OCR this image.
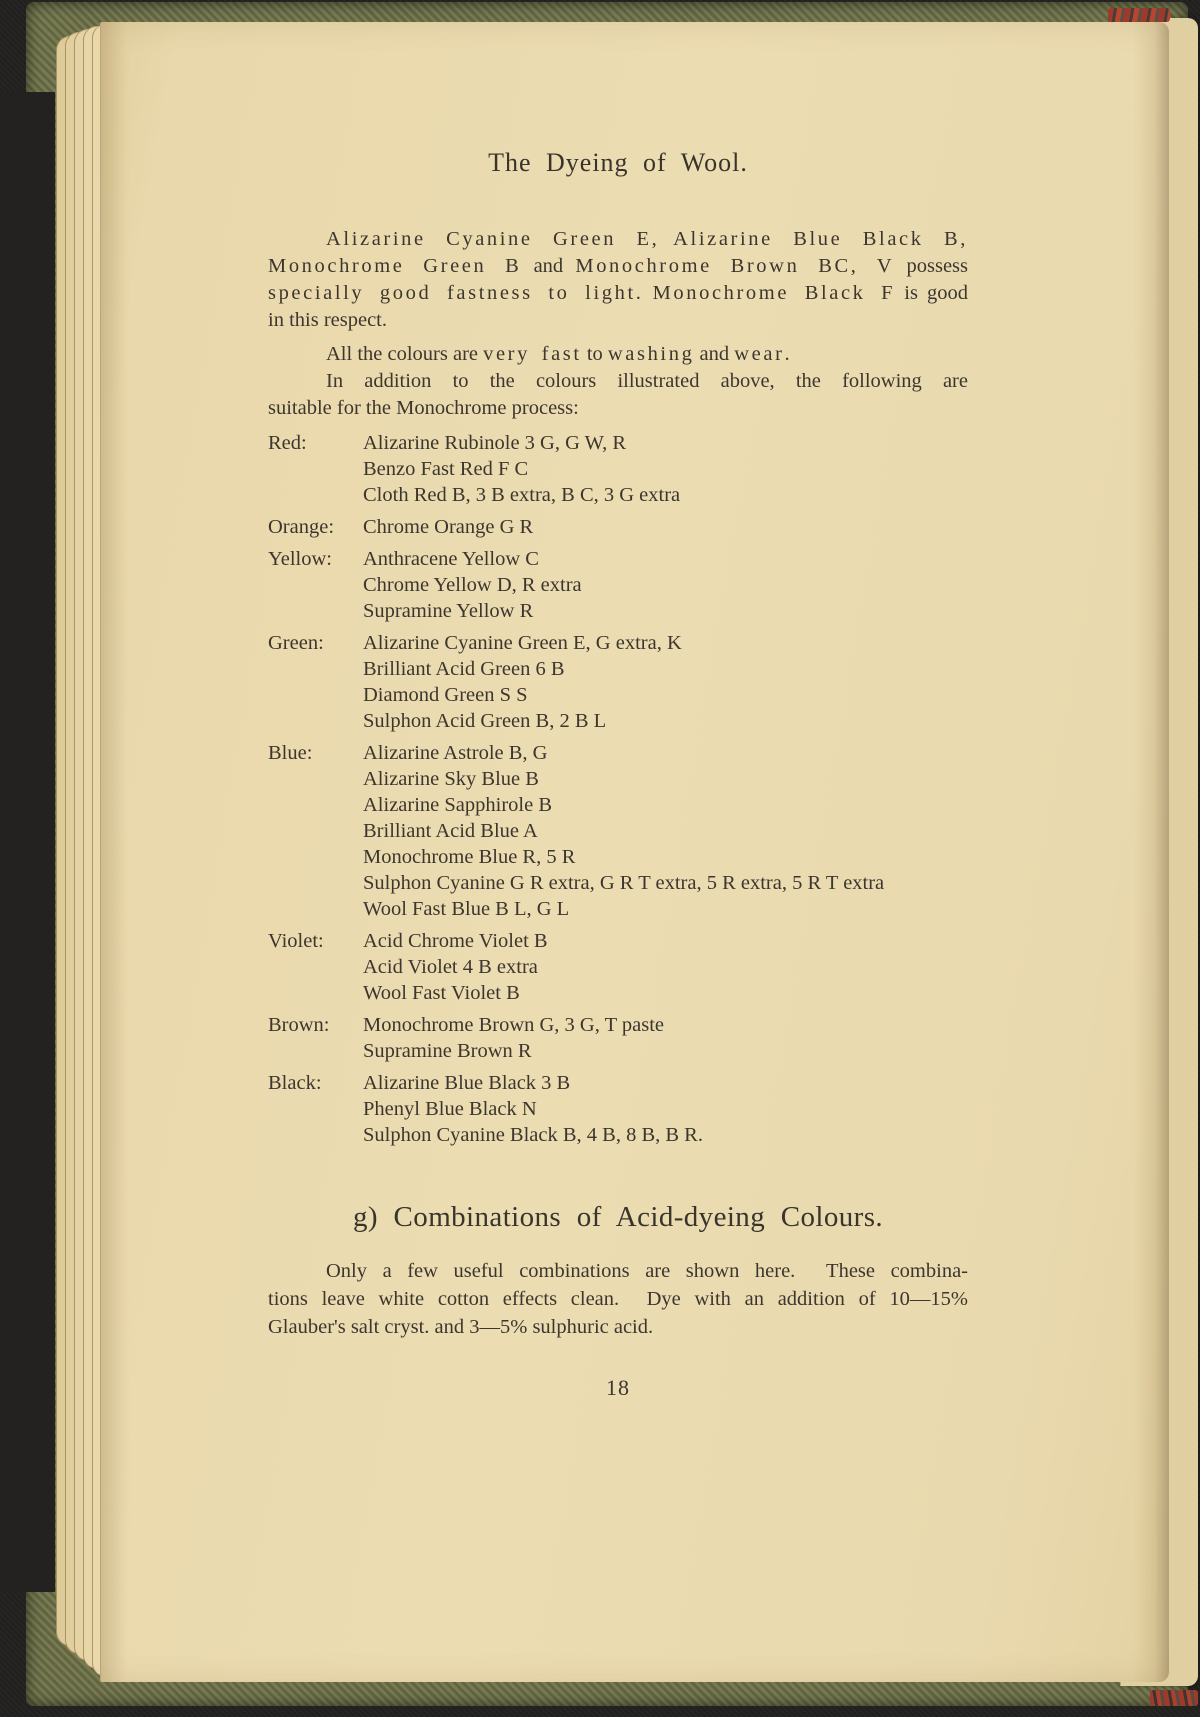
The Dyeing of Wool.
Alizarine Cyanine Green E, Alizarine Blue Black B,
Monochrome Green B and Monochrome Brown BC, V possess
specially good fastness to light. Monochrome Black F is good
in this respect.
All the colours are very fast to washing and wear.
In addition to the colours illustrated above, the following are
suitable for the Monochrome process:
Red:	Alizarine Rubinole 3 G, G W, R
Benzo Fast Red F C
Cloth Red B, 3 B extra, B C, 3 G extra
Orange:	Chrome Orange G R
Yellow:	Anthracene Yellow C
Chrome Yellow D, R extra
Supramine Yellow R
Green:	Alizarine Cyanine Green E, G extra, K
Brilliant Acid Green 6 B
Diamond Green S S
Sulphon Acid Green B, 2 B L
Blue:	Alizarine Astrole B, G
Alizarine Sky Blue B
Alizarine Sapphirole B
Brilliant Acid Blue A
Monochrome Blue R, 5 R
Sulphon Cyanine G R extra, G R T extra, 5 R extra, 5 R T extra
Wool Fast Blue B L, G L
Violet:	Acid Chrome Violet B
Acid Violet 4 B extra
Wool Fast Violet B
Brown:	Monochrome Brown G, 3 G, T paste
Supramine Brown R
Black:	Alizarine Blue Black 3 B
Phenyl Blue Black N
Sulphon Cyanine Black B, 4 B, 8 B, B R.
g) Combinations of Acid-dyeing Colours.
Only a few useful combinations are shown here.  These combina-
tions leave white cotton effects clean.  Dye with an addition of 10—15%
Glauber's salt cryst. and 3—5% sulphuric acid.
18
